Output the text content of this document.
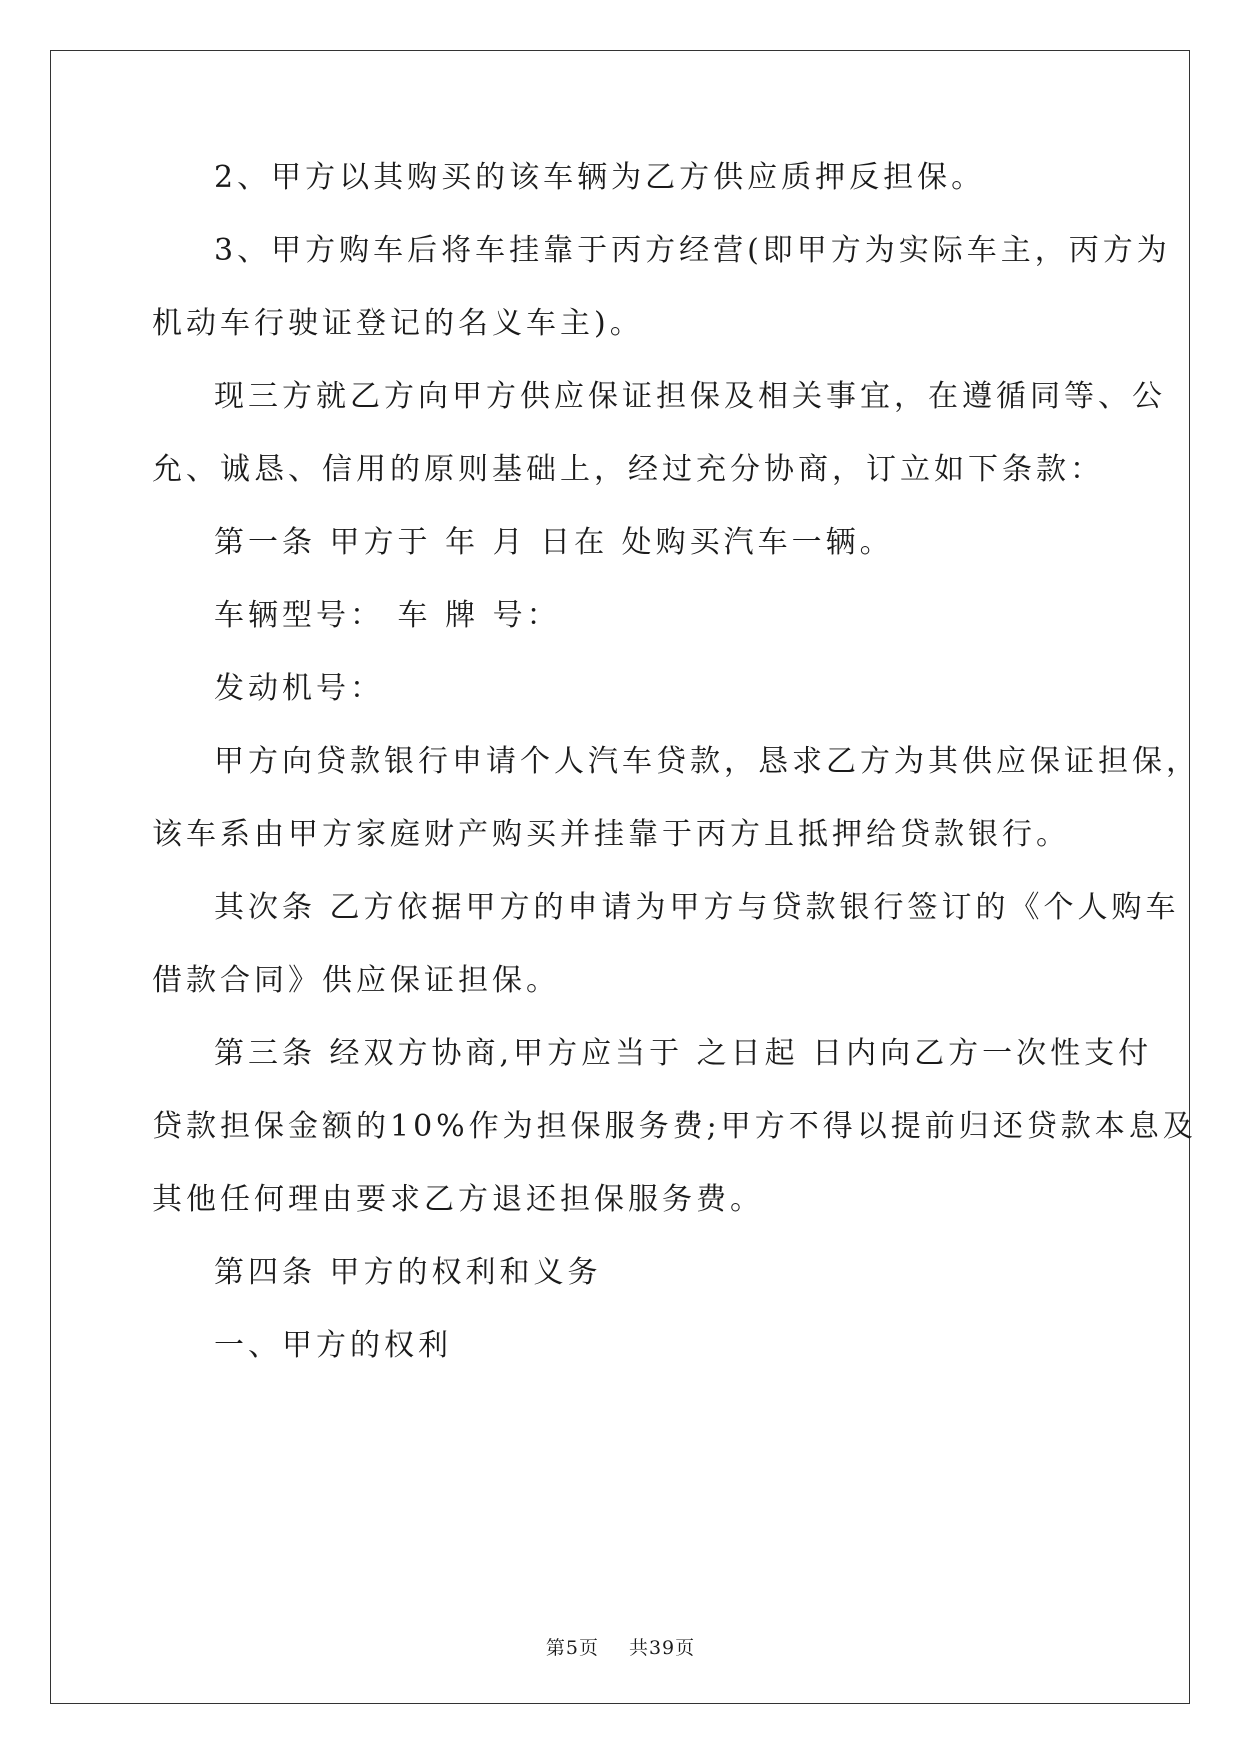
2、甲方以其购买的该车辆为乙方供应质押反担保。

3、甲方购车后将车挂靠于丙方经营(即甲方为实际车主，丙方为

机动车行驶证登记的名义车主)。

现三方就乙方向甲方供应保证担保及相关事宜，在遵循同等、公

允、诚恳、信用的原则基础上，经过充分协商，订立如下条款：

第一条 甲方于 年 月 日在 处购买汽车一辆。

车辆型号： 车 牌 号：

发动机号：

甲方向贷款银行申请个人汽车贷款，恳求乙方为其供应保证担保，

该车系由甲方家庭财产购买并挂靠于丙方且抵押给贷款银行。

其次条 乙方依据甲方的申请为甲方与贷款银行签订的《个人购车

借款合同》供应保证担保。

第三条 经双方协商,甲方应当于 之日起 日内向乙方一次性支付

贷款担保金额的10%作为担保服务费;甲方不得以提前归还贷款本息及

其他任何理由要求乙方退还担保服务费。

第四条 甲方的权利和义务

一、甲方的权利

第5页 共39页
